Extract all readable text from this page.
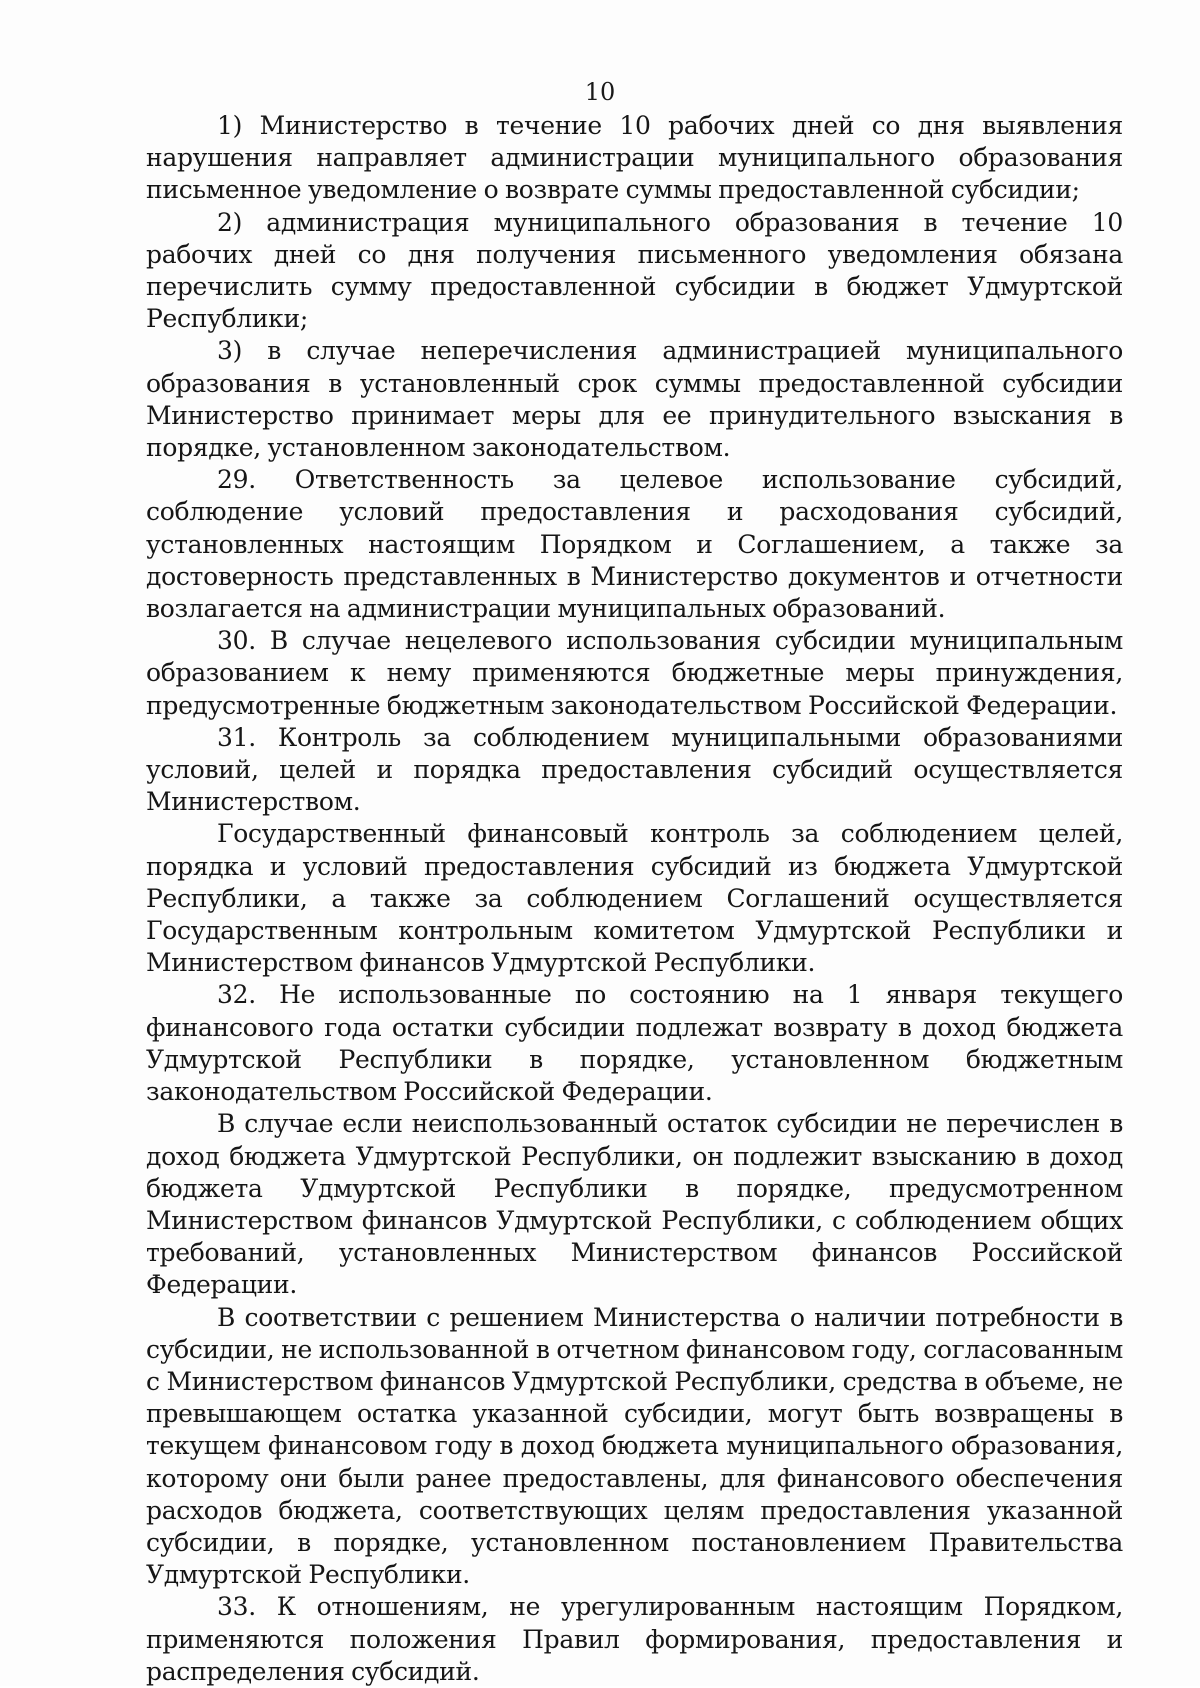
10

1) Министерство в течение 10 рабочих дней со дня выявления нарушения направляет администрации муниципального образования письменное уведомление о возврате суммы предоставленной субсидии;

2) администрация муниципального образования в течение 10 рабочих дней со дня получения письменного уведомления обязана перечислить сумму предоставленной субсидии в бюджет Удмуртской Республики;

3) в случае неперечисления администрацией муниципального образования в установленный срок суммы предоставленной субсидии Министерство принимает меры для ее принудительного взыскания в порядке, установленном законодательством.

29. Ответственность за целевое использование субсидий, соблюдение условий предоставления и расходования субсидий, установленных настоящим Порядком и Соглашением, а также за достоверность представленных в Министерство документов и отчетности возлагается на администрации муниципальных образований.

30. В случае нецелевого использования субсидии муниципальным образованием к нему применяются бюджетные меры принуждения, предусмотренные бюджетным законодательством Российской Федерации.

31. Контроль за соблюдением муниципальными образованиями условий, целей и порядка предоставления субсидий осуществляется Министерством.

Государственный финансовый контроль за соблюдением целей, порядка и условий предоставления субсидий из бюджета Удмуртской Республики, а также за соблюдением Соглашений осуществляется Государственным контрольным комитетом Удмуртской Республики и Министерством финансов Удмуртской Республики.

32. Не использованные по состоянию на 1 января текущего финансового года остатки субсидии подлежат возврату в доход бюджета Удмуртской Республики в порядке, установленном бюджетным законодательством Российской Федерации.

В случае если неиспользованный остаток субсидии не перечислен в доход бюджета Удмуртской Республики, он подлежит взысканию в доход бюджета Удмуртской Республики в порядке, предусмотренном Министерством финансов Удмуртской Республики, с соблюдением общих требований, установленных Министерством финансов Российской Федерации.

В соответствии с решением Министерства о наличии потребности в субсидии, не использованной в отчетном финансовом году, согласованным с Министерством финансов Удмуртской Республики, средства в объеме, не превышающем остатка указанной субсидии, могут быть возвращены в текущем финансовом году в доход бюджета муниципального образования, которому они были ранее предоставлены, для финансового обеспечения расходов бюджета, соответствующих целям предоставления указанной субсидии, в порядке, установленном постановлением Правительства Удмуртской Республики.

33. К отношениям, не урегулированным настоящим Порядком, применяются положения Правил формирования, предоставления и распределения субсидий.
